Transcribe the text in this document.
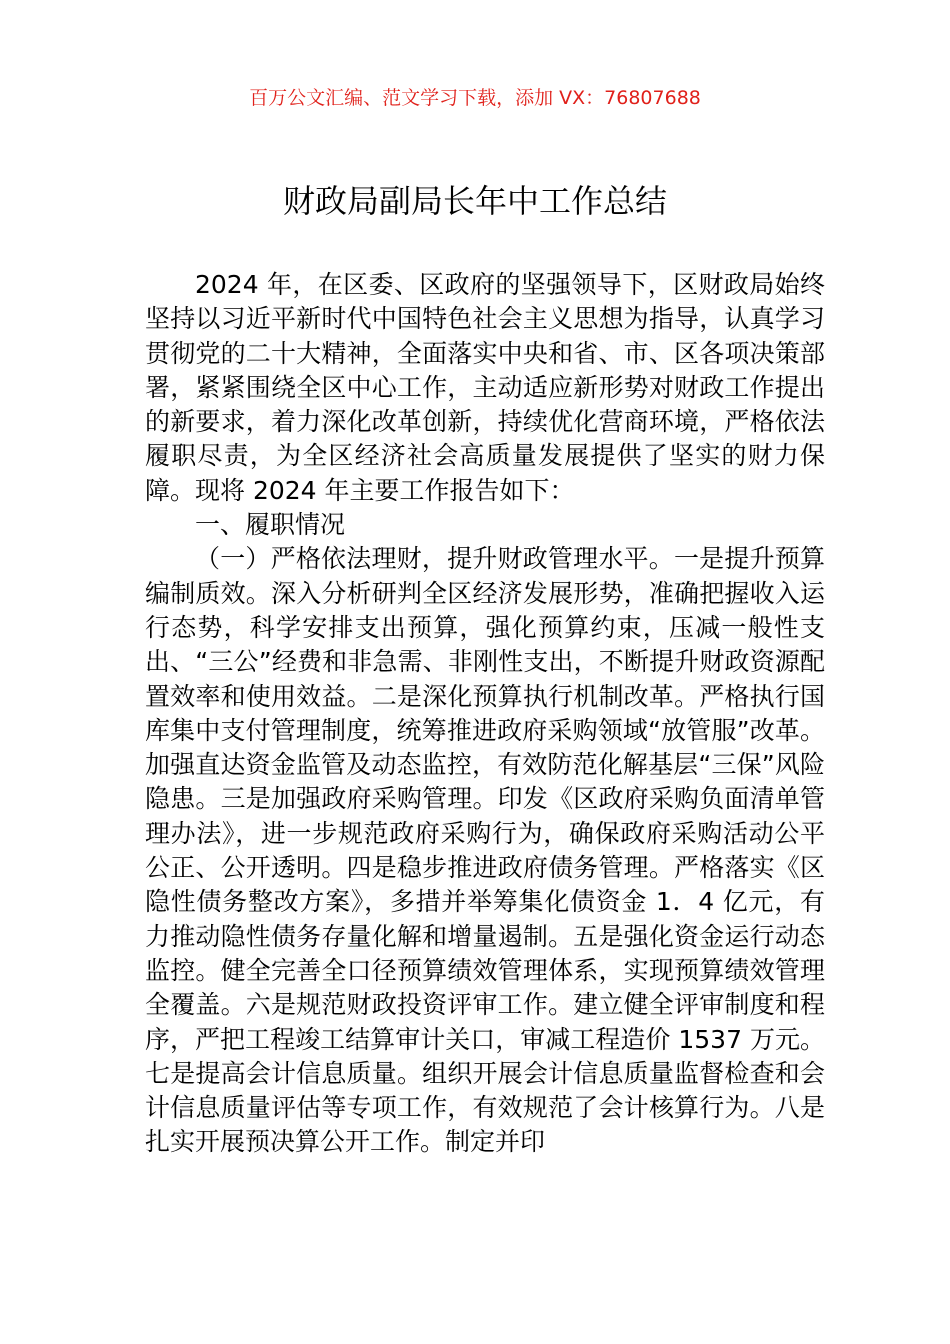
百万公文汇编、范文学习下载，添加 VX：76807688
财政局副局长年中工作总结

2024 年，在区委、区政府的坚强领导下，区财政局始终坚持以习近平新时代中国特色社会主义思想为指导，认真学习贯彻党的二十大精神，全面落实中央和省、市、区各项决策部署，紧紧围绕全区中心工作，主动适应新形势对财政工作提出的新要求，着力深化改革创新，持续优化营商环境，严格依法履职尽责，为全区经济社会高质量发展提供了坚实的财力保障。现将 2024 年主要工作报告如下：

一、履职情况

（一）严格依法理财，提升财政管理水平。一是提升预算编制质效。深入分析研判全区经济发展形势，准确把握收入运行态势，科学安排支出预算，强化预算约束，压减一般性支出、“三公”经费和非急需、非刚性支出，不断提升财政资源配置效率和使用效益。二是深化预算执行机制改革。严格执行国库集中支付管理制度，统筹推进政府采购领域“放管服”改革。加强直达资金监管及动态监控，有效防范化解基层“三保”风险隐患。三是加强政府采购管理。印发《区政府采购负面清单管理办法》，进一步规范政府采购行为，确保政府采购活动公平公正、公开透明。四是稳步推进政府债务管理。严格落实《区隐性债务整改方案》，多措并举筹集化债资金 1．4 亿元，有力推动隐性债务存量化解和增量遏制。五是强化资金运行动态监控。健全完善全口径预算绩效管理体系，实现预算绩效管理全覆盖。六是规范财政投资评审工作。建立健全评审制度和程序，严把工程竣工结算审计关口，审减工程造价 1537 万元。七是提高会计信息质量。组织开展会计信息质量监督检查和会计信息质量评估等专项工作，有效规范了会计核算行为。八是扎实开展预决算公开工作。制定并印
